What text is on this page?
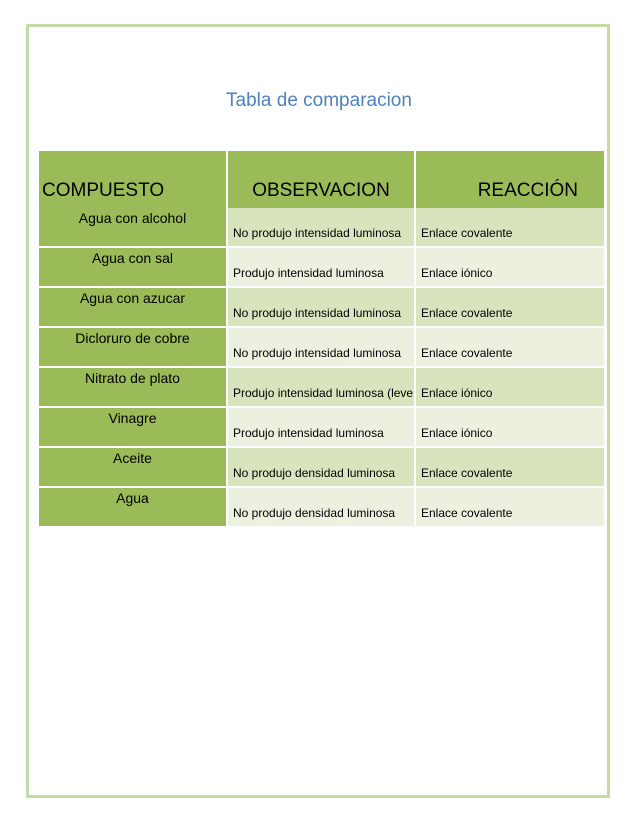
Tabla de comparacion
COMPUESTO	OBSERVACION	REACCIÓN
Agua con alcohol	No produjo intensidad luminosa	Enlace covalente
Agua con sal	Produjo intensidad luminosa	Enlace iónico
Agua con azucar	No produjo intensidad luminosa	Enlace covalente
Dicloruro de cobre	No produjo intensidad luminosa	Enlace covalente
Nitrato de plato	Produjo intensidad luminosa (leve	Enlace iónico
Vinagre	Produjo intensidad luminosa	Enlace iónico
Aceite	No produjo densidad luminosa	Enlace covalente
Agua	No produjo densidad luminosa	Enlace covalente
